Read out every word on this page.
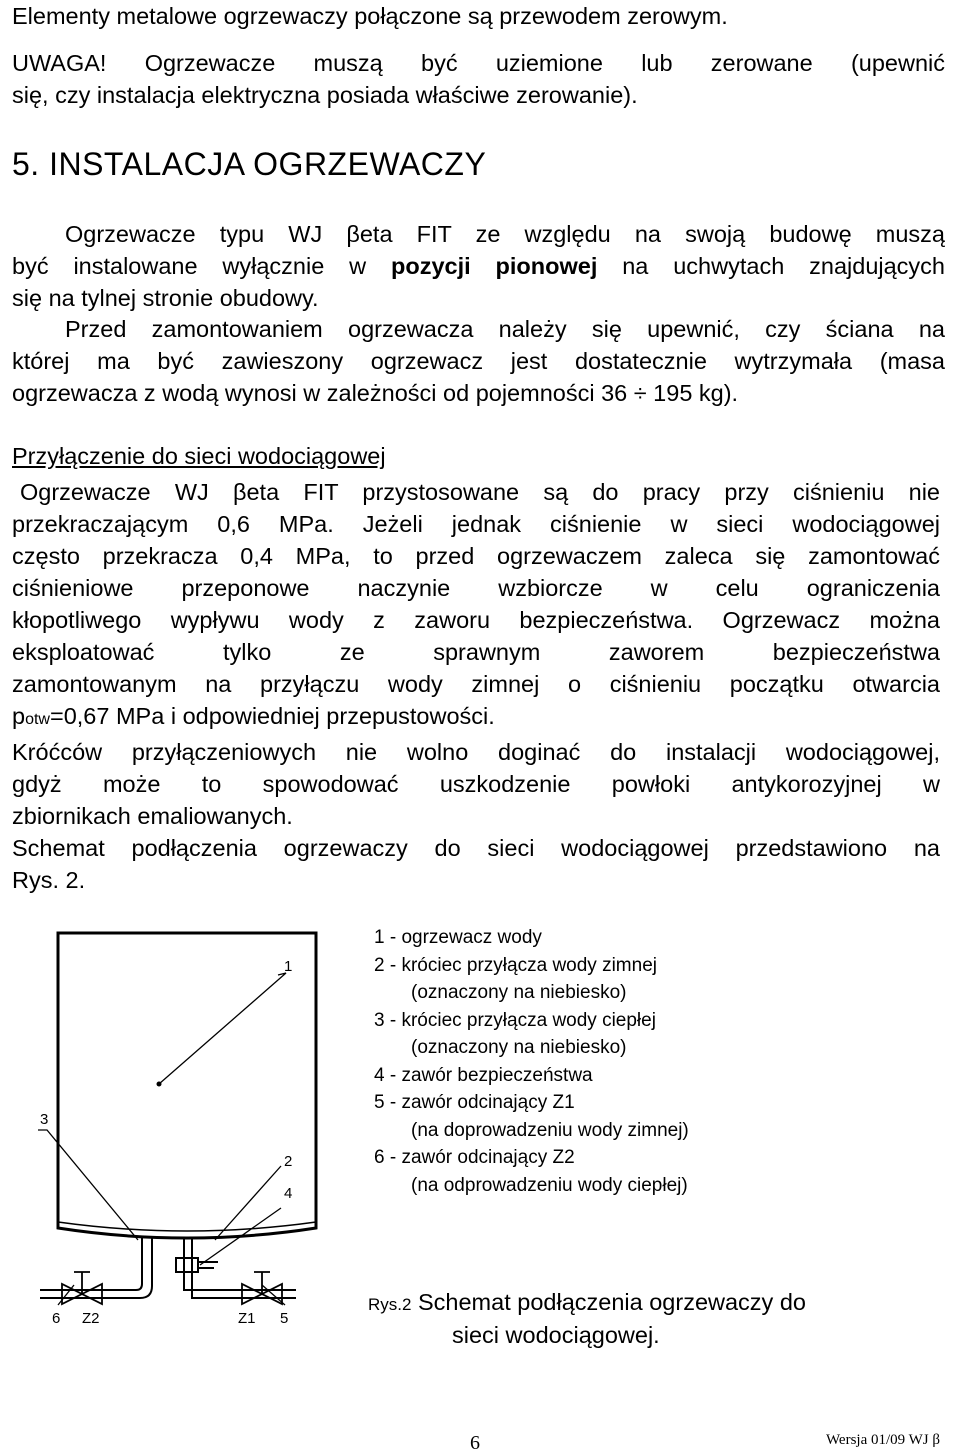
Elementy metalowe ogrzewaczy połączone są przewodem zerowym.

UWAGA! Ogrzewacze muszą być uziemione lub zerowane (upewnić
się, czy instalacja elektryczna posiada właściwe zerowanie).

5. INSTALACJA OGRZEWACZY

Ogrzewacze typu WJ βeta FIT ze względu na swoją budowę muszą
być instalowane wyłącznie w pozycji pionowej na uchwytach znajdujących
się na tylnej stronie obudowy.

Przed zamontowaniem ogrzewacza należy się upewnić, czy ściana na
której ma być zawieszony ogrzewacz jest dostatecznie wytrzymała (masa
ogrzewacza z wodą wynosi w zależności od pojemności 36 ÷ 195 kg).

Przyłączenie do sieci wodociągowej

Ogrzewacze WJ βeta FIT przystosowane są do pracy przy ciśnieniu nie
przekraczającym 0,6 MPa. Jeżeli jednak ciśnienie w sieci wodociągowej
często przekracza 0,4 MPa, to przed ogrzewaczem zaleca się zamontować
ciśnieniowe przeponowe naczynie wzbiorcze w celu ograniczenia
kłopotliwego wypływu wody z zaworu bezpieczeństwa. Ogrzewacz można
eksploatować tylko ze sprawnym zaworem bezpieczeństwa
zamontowanym na przyłączu wody zimnej o ciśnieniu początku otwarcia
potw=0,67 MPa i odpowiedniej przepustowości.
Króćców przyłączeniowych nie wolno doginać do instalacji wodociągowej,
gdyż może to spowodować uszkodzenie powłoki antykorozyjnej w
zbiornikach emaliowanych.
Schemat podłączenia ogrzewaczy do sieci wodociągowej przedstawiono na
Rys. 2.

1
3
2
4
6 Z2	Z1 5
1 - ogrzewacz wody
2 - króciec przyłącza wody zimnej
(oznaczony na niebiesko)
3 - króciec przyłącza wody ciepłej
(oznaczony na niebiesko)
4 - zawór bezpieczeństwa
5 - zawór odcinający Z1
(na doprowadzeniu wody zimnej)
6 - zawór odcinający Z2
(na odprowadzeniu wody ciepłej)
Rys.2 Schemat podłączenia ogrzewaczy do
sieci wodociągowej.
6	Wersja 01/09 WJ β
